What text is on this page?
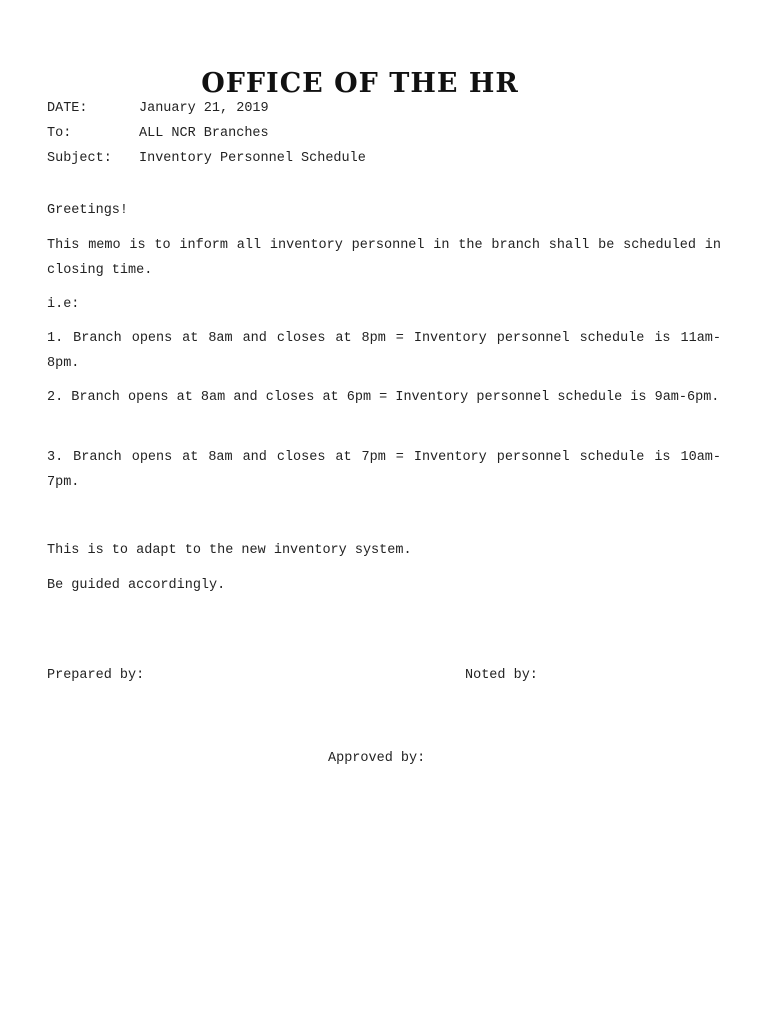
OFFICE OF THE HR
DATE:	January 21, 2019
To:	ALL NCR Branches
Subject:	Inventory Personnel Schedule
Greetings!

This memo is to inform all inventory personnel in the branch shall be scheduled in closing time.

i.e:

1. Branch opens at 8am and closes at 8pm = Inventory personnel schedule is 11am-8pm.

2. Branch opens at 8am and closes at 6pm = Inventory personnel schedule is 9am-6pm.

3. Branch opens at 8am and closes at 7pm = Inventory personnel schedule is 10am-7pm.

This is to adapt to the new inventory system.
Be guided accordingly.
Prepared by:	Noted by:
Approved by:
